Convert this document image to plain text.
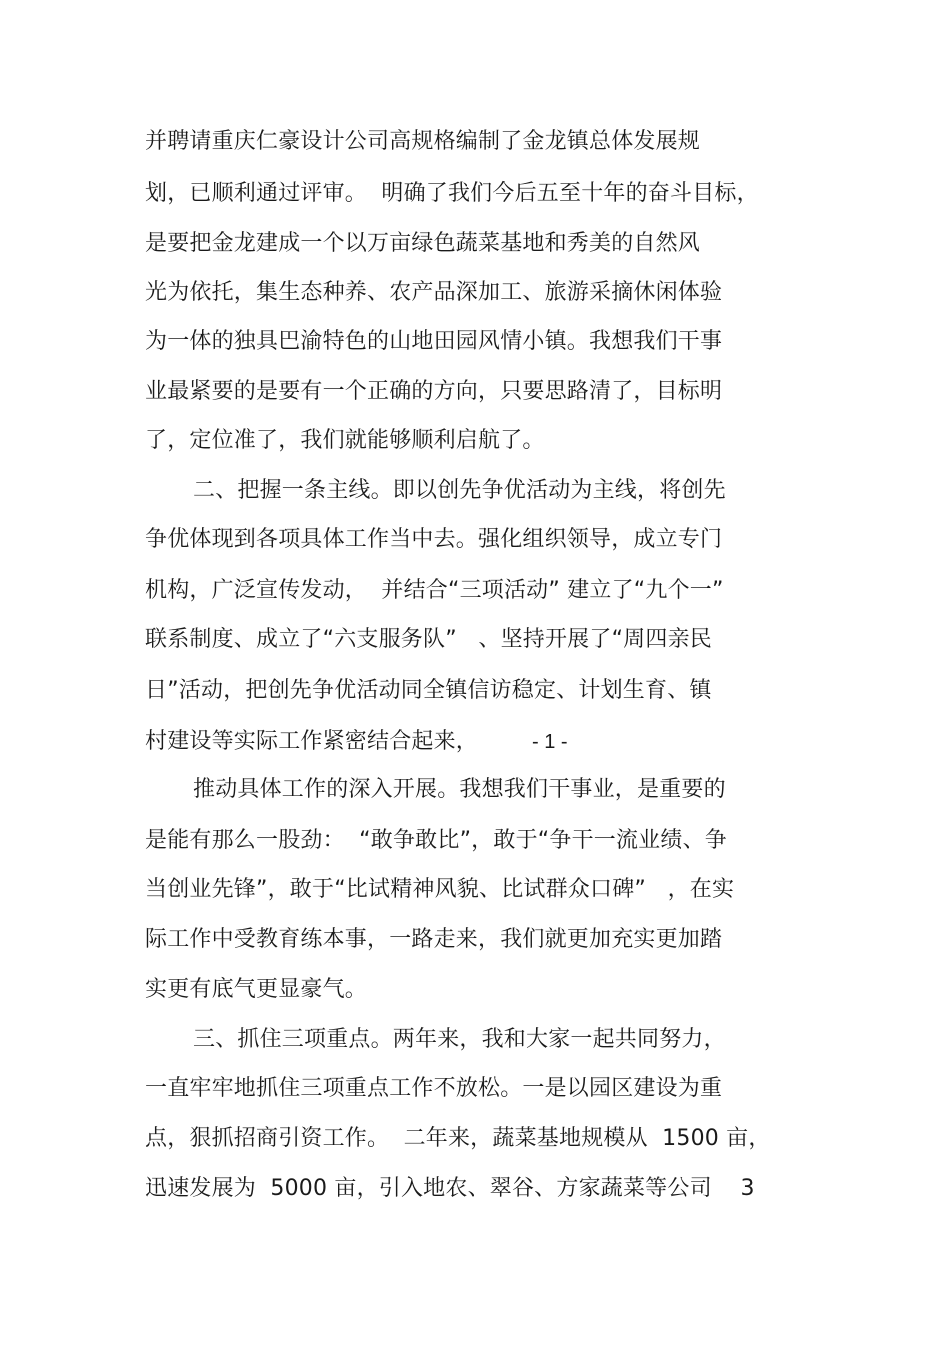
并聘请重庆仁豪设计公司高规格编制了金龙镇总体发展规
划，已顺利通过评审。  明确了我们今后五至十年的奋斗目标，
是要把金龙建成一个以万亩绿色蔬菜基地和秀美的自然风
光为依托，集生态种养、农产品深加工、旅游采摘休闲体验
为一体的独具巴渝特色的山地田园风情小镇。我想我们干事
业最紧要的是要有一个正确的方向，只要思路清了，目标明
了，定位准了，我们就能够顺利启航了。
二、把握一条主线。即以创先争优活动为主线，将创先
争优体现到各项具体工作当中去。强化组织领导，成立专门
机构，广泛宣传发动，  并结合“三项活动” 建立了“九个一”
联系制度、成立了“六支服务队”   、坚持开展了“周四亲民
日”活动，把创先争优活动同全镇信访稳定、计划生育、镇
村建设等实际工作紧密结合起来，	- 1 -
推动具体工作的深入开展。我想我们干事业，是重要的
是能有那么一股劲：  “敢争敢比”，敢于“争干一流业绩、争
当创业先锋”，敢于“比试精神风貌、比试群众口碑”   ，在实
际工作中受教育练本事，一路走来，我们就更加充实更加踏
实更有底气更显豪气。
三、抓住三项重点。两年来，我和大家一起共同努力，
一直牢牢地抓住三项重点工作不放松。一是以园区建设为重
点，狠抓招商引资工作。  二年来，蔬菜基地规模从  1500 亩，
迅速发展为  5000 亩，引入地农、翠谷、方家蔬菜等公司    3
